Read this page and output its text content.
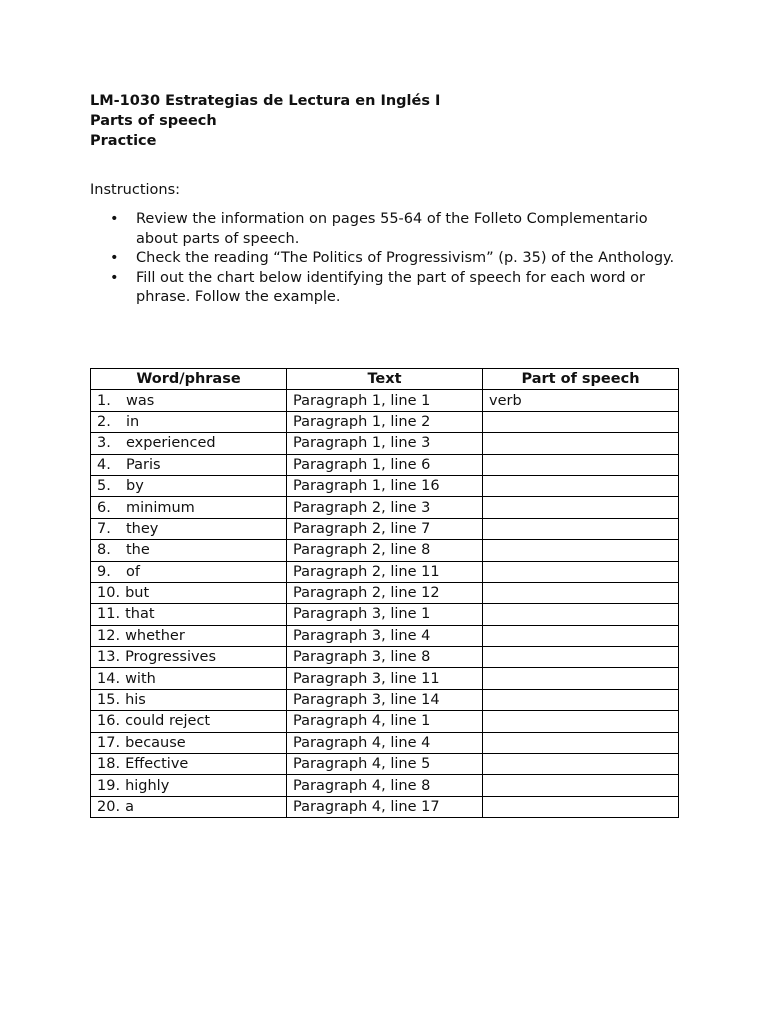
LM-1030 Estrategias de Lectura en Inglés I
Parts of speech
Practice
Instructions:
• Review the information on pages 55-64 of the Folleto Complementario about parts of speech.
• Check the reading “The Politics of Progressivism” (p. 35) of the Anthology.
• Fill out the chart below identifying the part of speech for each word or phrase. Follow the example.
Word/phrase	Text	Part of speech
1. was	Paragraph 1, line 1	verb
2. in	Paragraph 1, line 2	
3. experienced	Paragraph 1, line 3	
4. Paris	Paragraph 1, line 6	
5. by	Paragraph 1, line 16	
6. minimum	Paragraph 2, line 3	
7. they	Paragraph 2, line 7	
8. the	Paragraph 2, line 8	
9. of	Paragraph 2, line 11	
10. but	Paragraph 2, line 12	
11. that	Paragraph 3, line 1	
12. whether	Paragraph 3, line 4	
13. Progressives	Paragraph 3, line 8	
14. with	Paragraph 3, line 11	
15. his	Paragraph 3, line 14	
16. could reject	Paragraph 4, line 1	
17. because	Paragraph 4, line 4	
18. Effective	Paragraph 4, line 5	
19. highly	Paragraph 4, line 8	
20. a	Paragraph 4, line 17	
